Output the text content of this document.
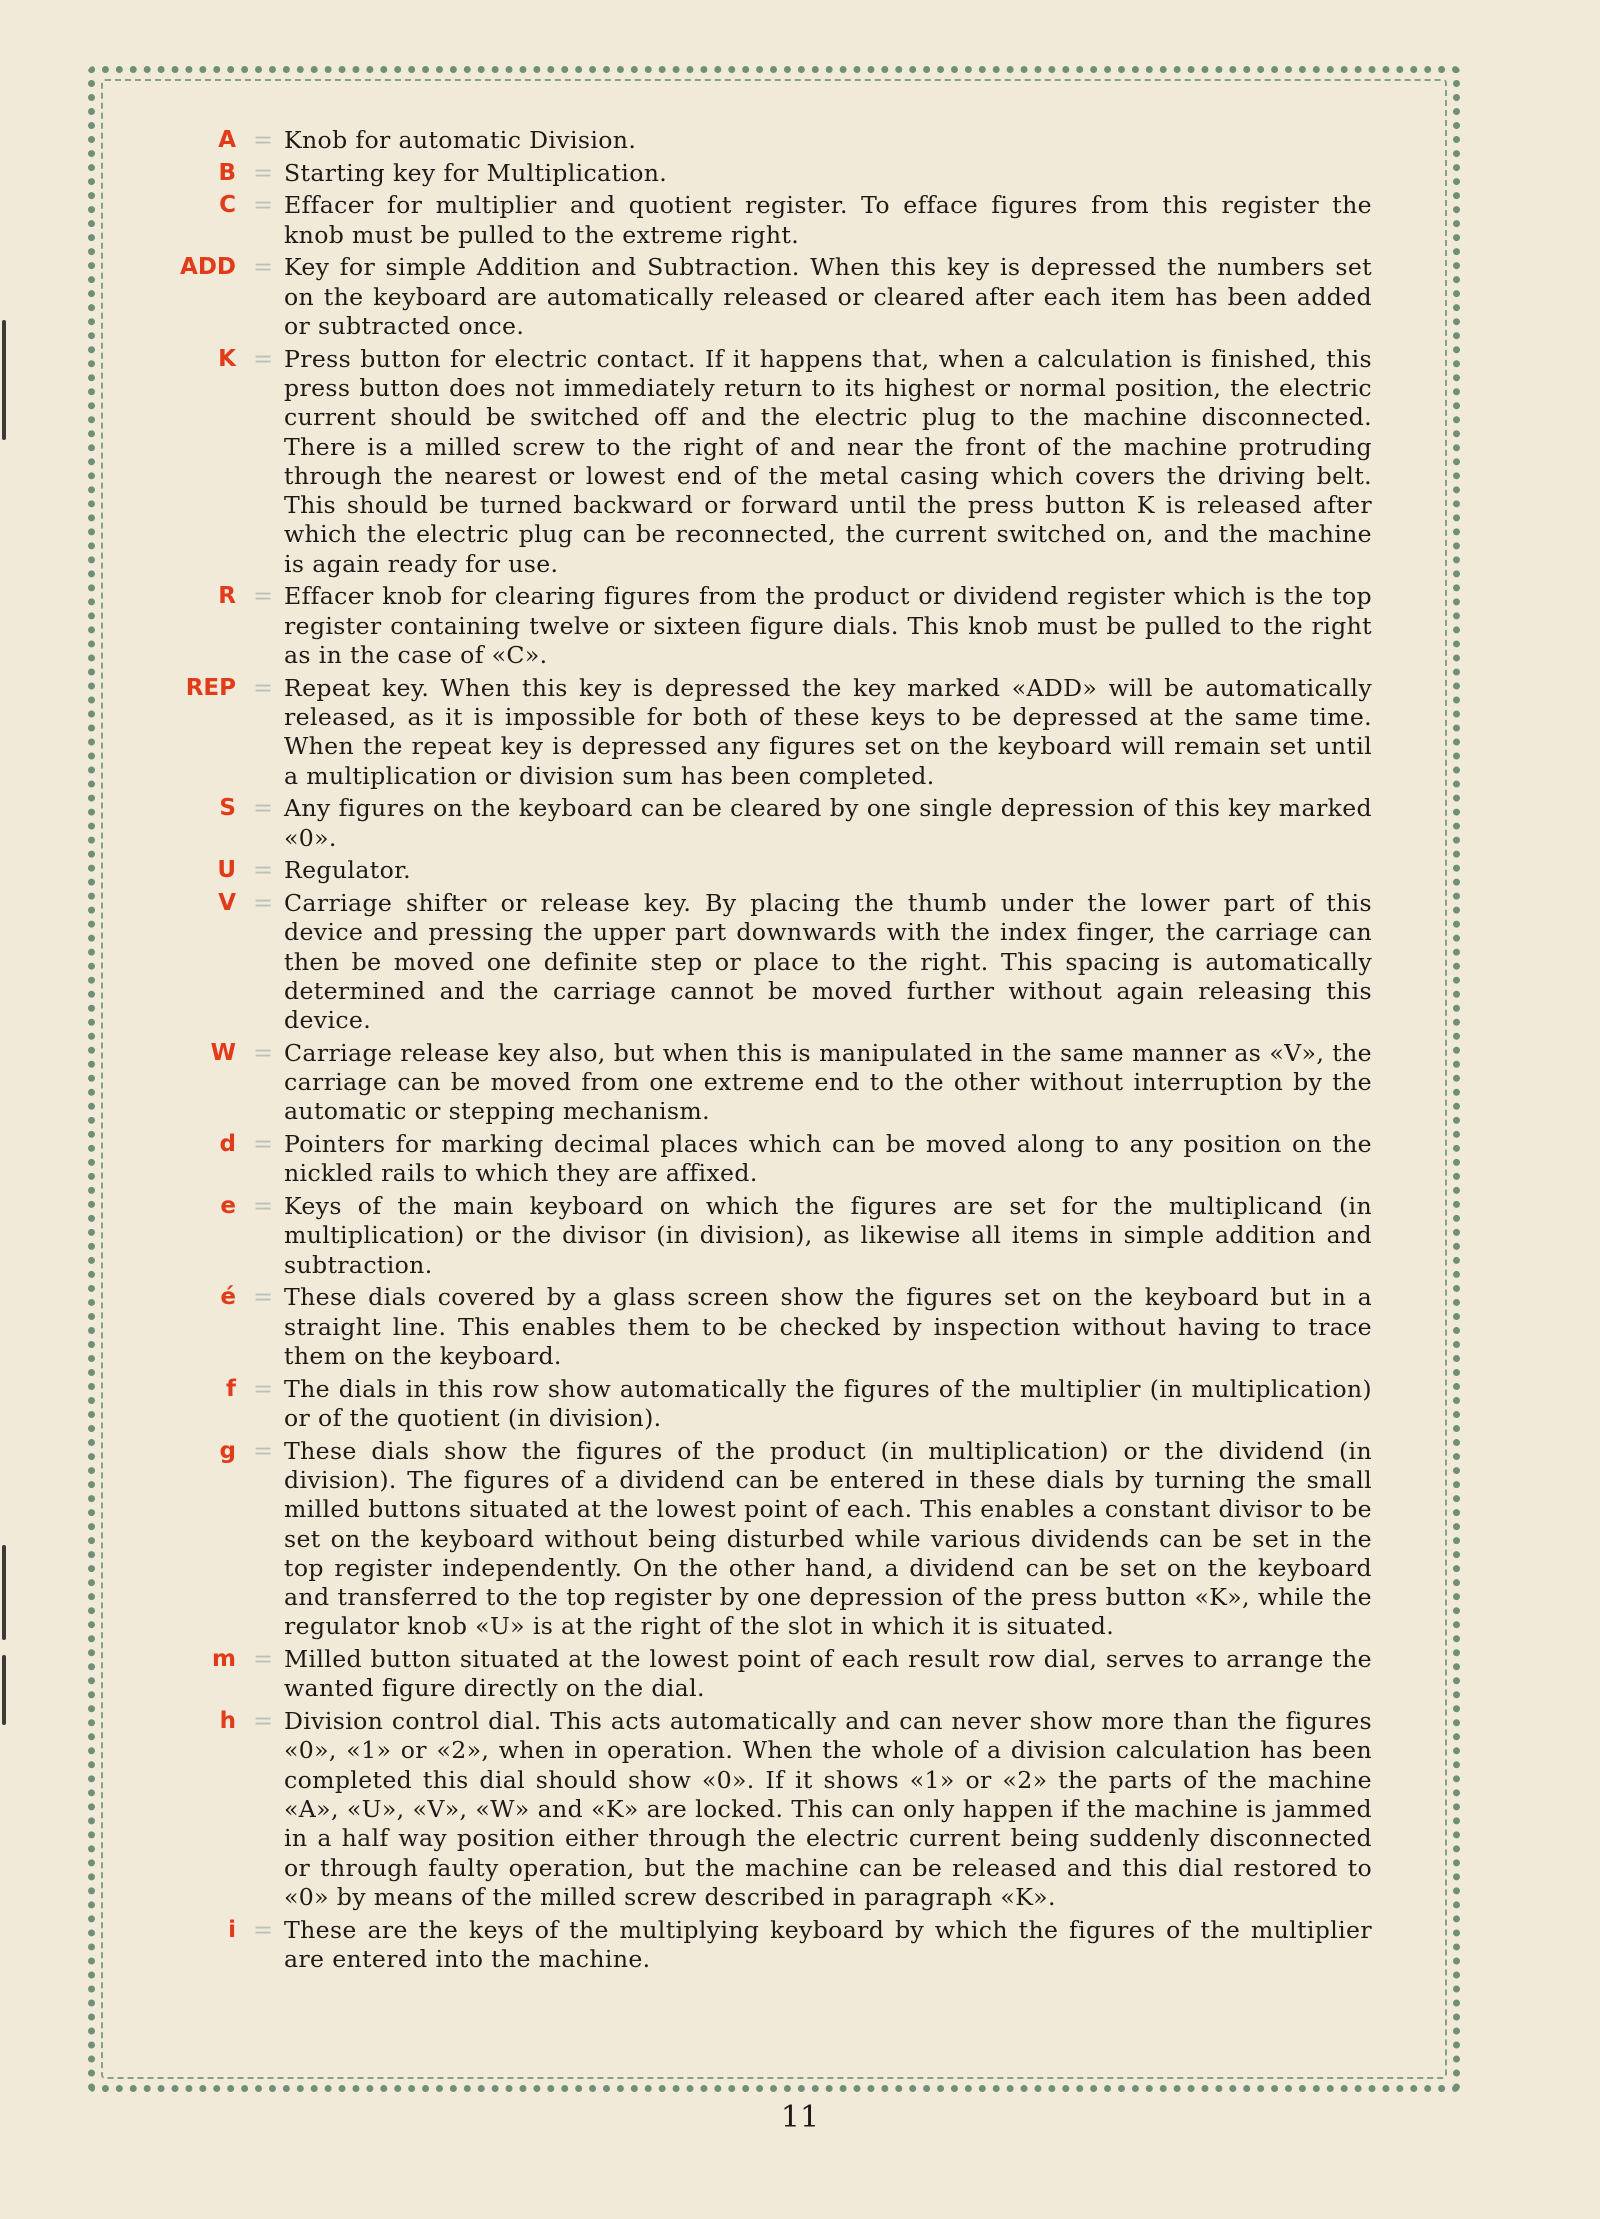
A = Knob for automatic Division.
B = Starting key for Multiplication.
C = Effacer for multiplier and quotient register. To efface figures from this register the knob must be pulled to the extreme right.
ADD = Key for simple Addition and Subtraction. When this key is depressed the numbers set on the keyboard are automatically released or cleared after each item has been added or subtracted once.
K = Press button for electric contact. If it happens that, when a calculation is finished, this press button does not immediately return to its highest or normal position, the electric current should be switched off and the electric plug to the machine disconnected. There is a milled screw to the right of and near the front of the machine protruding through the nearest or lowest end of the metal casing which covers the driving belt. This should be turned backward or forward until the press button K is released after which the electric plug can be reconnected, the current switched on, and the machine is again ready for use.
R = Effacer knob for clearing figures from the product or dividend register which is the top register containing twelve or sixteen figure dials. This knob must be pulled to the right as in the case of «C».
REP = Repeat key. When this key is depressed the key marked «ADD» will be automatically released, as it is impossible for both of these keys to be depressed at the same time. When the repeat key is depressed any figures set on the keyboard will remain set until a multiplication or division sum has been completed.
S = Any figures on the keyboard can be cleared by one single depression of this key marked «0».
U = Regulator.
V = Carriage shifter or release key. By placing the thumb under the lower part of this device and pressing the upper part downwards with the index finger, the carriage can then be moved one definite step or place to the right. This spacing is automatically determined and the carriage cannot be moved further without again releasing this device.
W = Carriage release key also, but when this is manipulated in the same manner as «V», the carriage can be moved from one extreme end to the other without interruption by the automatic or stepping mechanism.
d = Pointers for marking decimal places which can be moved along to any position on the nickled rails to which they are affixed.
e = Keys of the main keyboard on which the figures are set for the multiplicand (in multiplication) or the divisor (in division), as likewise all items in simple addition and subtraction.
é = These dials covered by a glass screen show the figures set on the keyboard but in a straight line. This enables them to be checked by inspection without having to trace them on the keyboard.
f = The dials in this row show automatically the figures of the multiplier (in multiplication) or of the quotient (in division).
g = These dials show the figures of the product (in multiplication) or the dividend (in division). The figures of a dividend can be entered in these dials by turning the small milled buttons situated at the lowest point of each. This enables a constant divisor to be set on the keyboard without being disturbed while various dividends can be set in the top register independently. On the other hand, a dividend can be set on the keyboard and transferred to the top register by one depression of the press button «K», while the regulator knob «U» is at the right of the slot in which it is situated.
m = Milled button situated at the lowest point of each result row dial, serves to arrange the wanted figure directly on the dial.
h = Division control dial. This acts automatically and can never show more than the figures «0», «1» or «2», when in operation. When the whole of a division calculation has been completed this dial should show «0». If it shows «1» or «2» the parts of the machine «A», «U», «V», «W» and «K» are locked. This can only happen if the machine is jammed in a half way position either through the electric current being suddenly disconnected or through faulty operation, but the machine can be released and this dial restored to «0» by means of the milled screw described in paragraph «K».
i = These are the keys of the multiplying keyboard by which the figures of the multiplier are entered into the machine.
11
